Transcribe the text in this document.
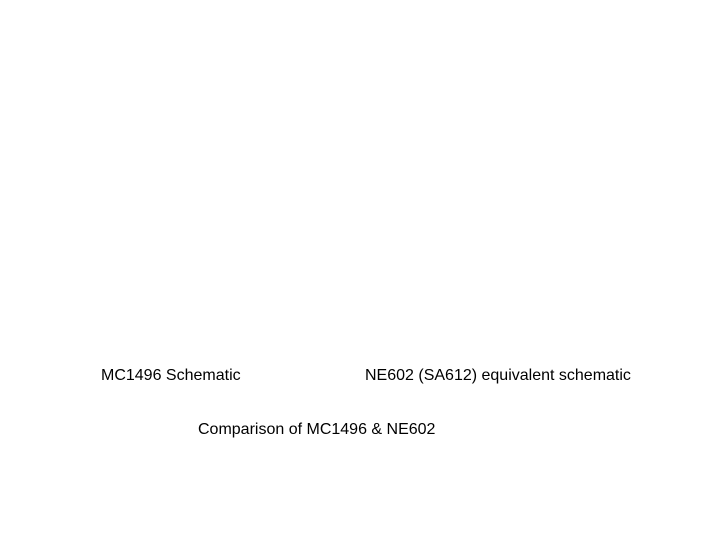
MC1496 Schematic	NE602 (SA612) equivalent schematic
Comparison of MC1496 & NE602
